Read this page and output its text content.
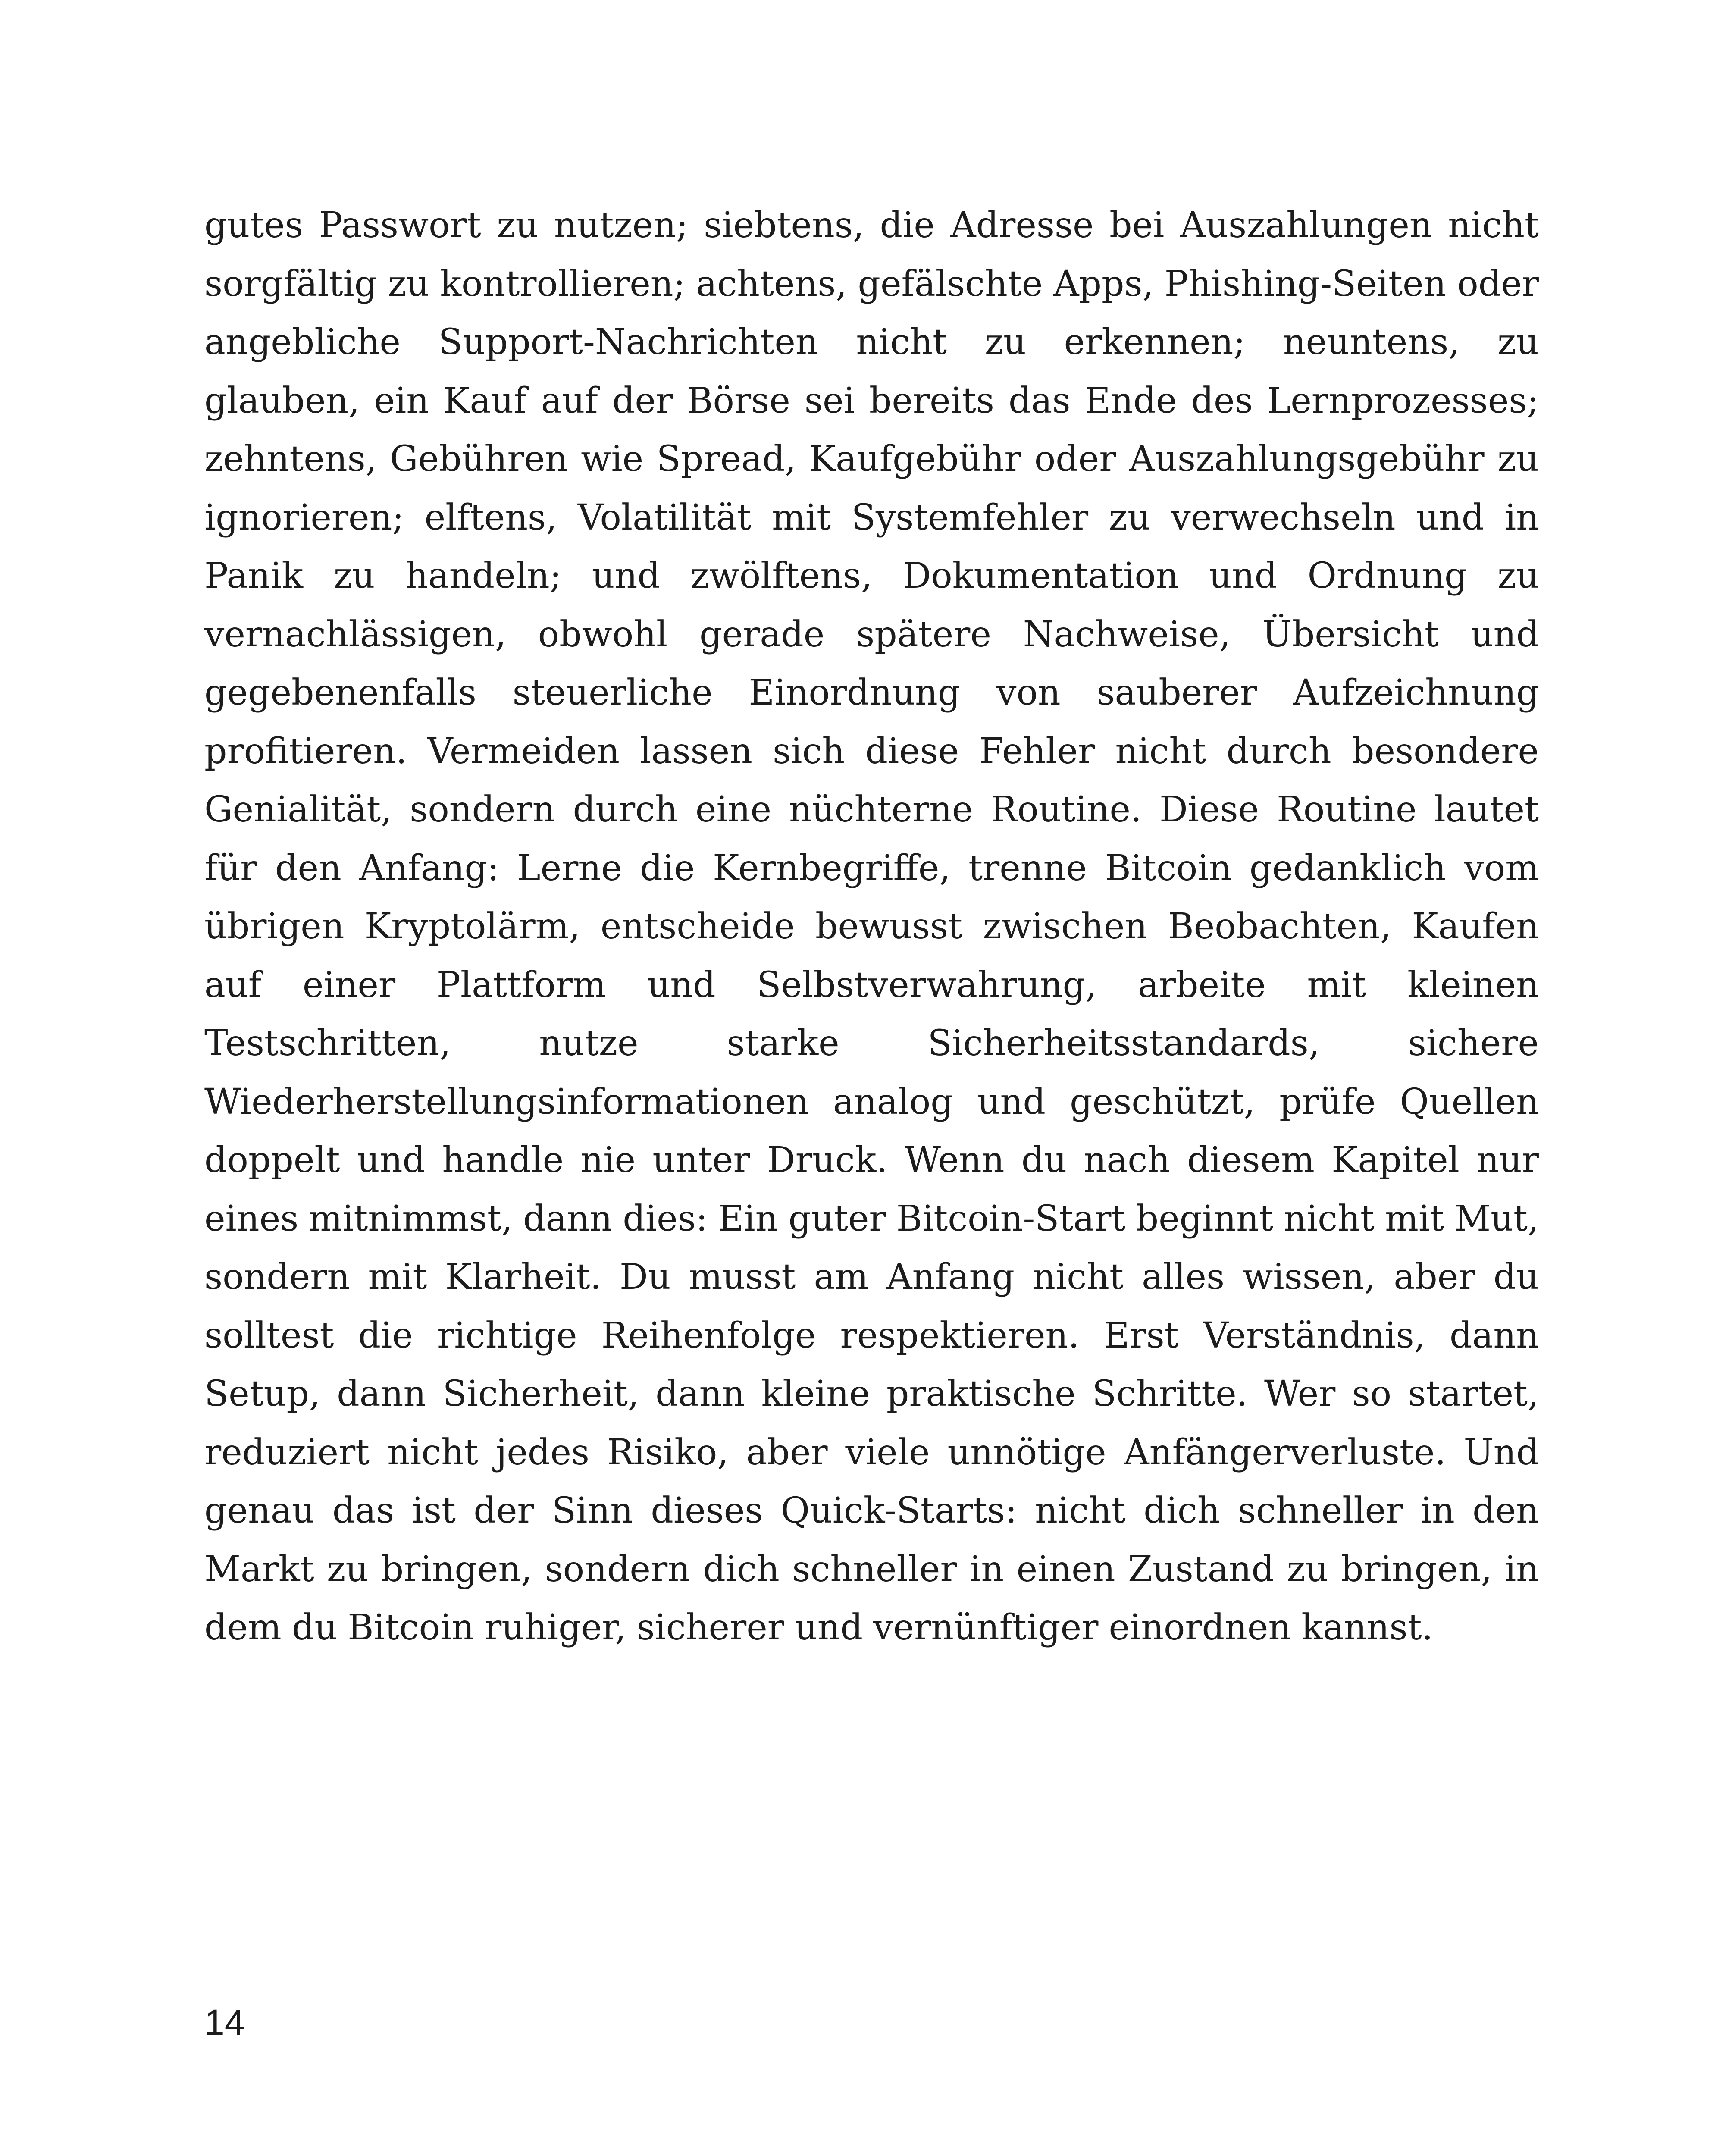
gutes Passwort zu nutzen; siebtens, die Adresse bei Auszahlungen nicht sorgfältig zu kontrollieren; achtens, gefälschte Apps, Phishing-Seiten oder angebliche Support-Nachrichten nicht zu erkennen; neuntens, zu glauben, ein Kauf auf der Börse sei bereits das Ende des Lernprozesses; zehntens, Gebühren wie Spread, Kaufgebühr oder Auszahlungsgebühr zu ignorieren; elftens, Volatilität mit Systemfehler zu verwechseln und in Panik zu handeln; und zwölftens, Dokumentation und Ordnung zu vernachlässigen, obwohl gerade spätere Nachweise, Übersicht und gegebenenfalls steuerliche Einordnung von sauberer Aufzeichnung profitieren. Vermeiden lassen sich diese Fehler nicht durch besondere Genialität, sondern durch eine nüchterne Routine. Diese Routine lautet für den Anfang: Lerne die Kernbegriffe, trenne Bitcoin gedanklich vom übrigen Kryptolärm, entscheide bewusst zwischen Beobachten, Kaufen auf einer Plattform und Selbstverwahrung, arbeite mit kleinen Testschritten, nutze starke Sicherheitsstandards, sichere Wiederherstellungsinformationen analog und geschützt, prüfe Quellen doppelt und handle nie unter Druck. Wenn du nach diesem Kapitel nur eines mitnimmst, dann dies: Ein guter Bitcoin-Start beginnt nicht mit Mut, sondern mit Klarheit. Du musst am Anfang nicht alles wissen, aber du solltest die richtige Reihenfolge respektieren. Erst Verständnis, dann Setup, dann Sicherheit, dann kleine praktische Schritte. Wer so startet, reduziert nicht jedes Risiko, aber viele unnötige Anfängerverluste. Und genau das ist der Sinn dieses Quick-Starts: nicht dich schneller in den Markt zu bringen, sondern dich schneller in einen Zustand zu bringen, in dem du Bitcoin ruhiger, sicherer und vernünftiger einordnen kannst.

14
